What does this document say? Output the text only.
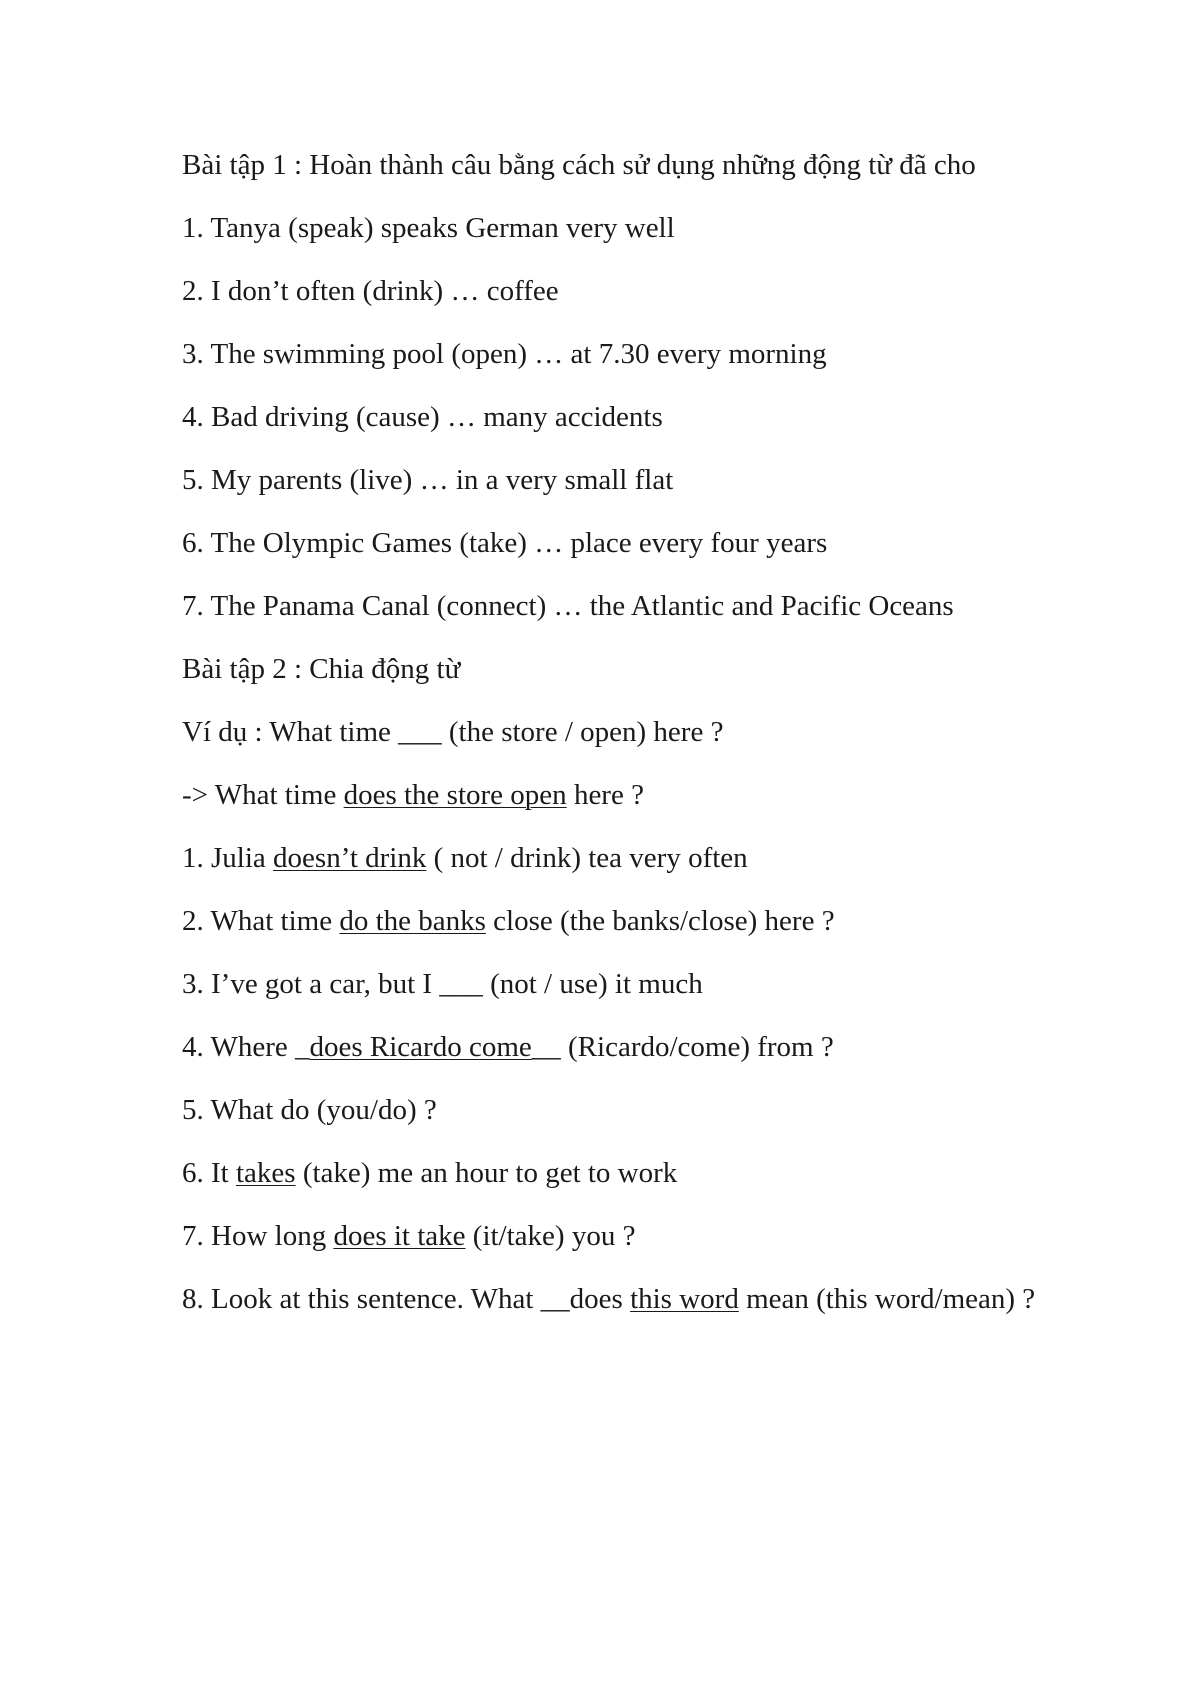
Bài tập 1 : Hoàn thành câu bằng cách sử dụng những động từ đã cho

1. Tanya (speak) speaks German very well

2. I don’t often (drink) … coffee

3. The swimming pool (open) … at 7.30 every morning

4. Bad driving (cause) … many accidents

5. My parents (live) … in a very small flat

6. The Olympic Games (take) … place every four years

7. The Panama Canal (connect) … the Atlantic and Pacific Oceans

Bài tập 2 : Chia động từ

Ví dụ : What time ___ (the store / open) here ?

-> What time does the store open here ?

1. Julia doesn’t drink ( not / drink) tea very often

2. What time do the banks close (the banks/close) here ?

3. I’ve got a car, but I ___ (not / use) it much

4. Where _does Ricardo come__ (Ricardo/come) from ?

5. What do (you/do) ?

6. It takes (take) me an hour to get to work

7. How long does it take (it/take) you ?

8. Look at this sentence. What __does this word mean (this word/mean) ?
